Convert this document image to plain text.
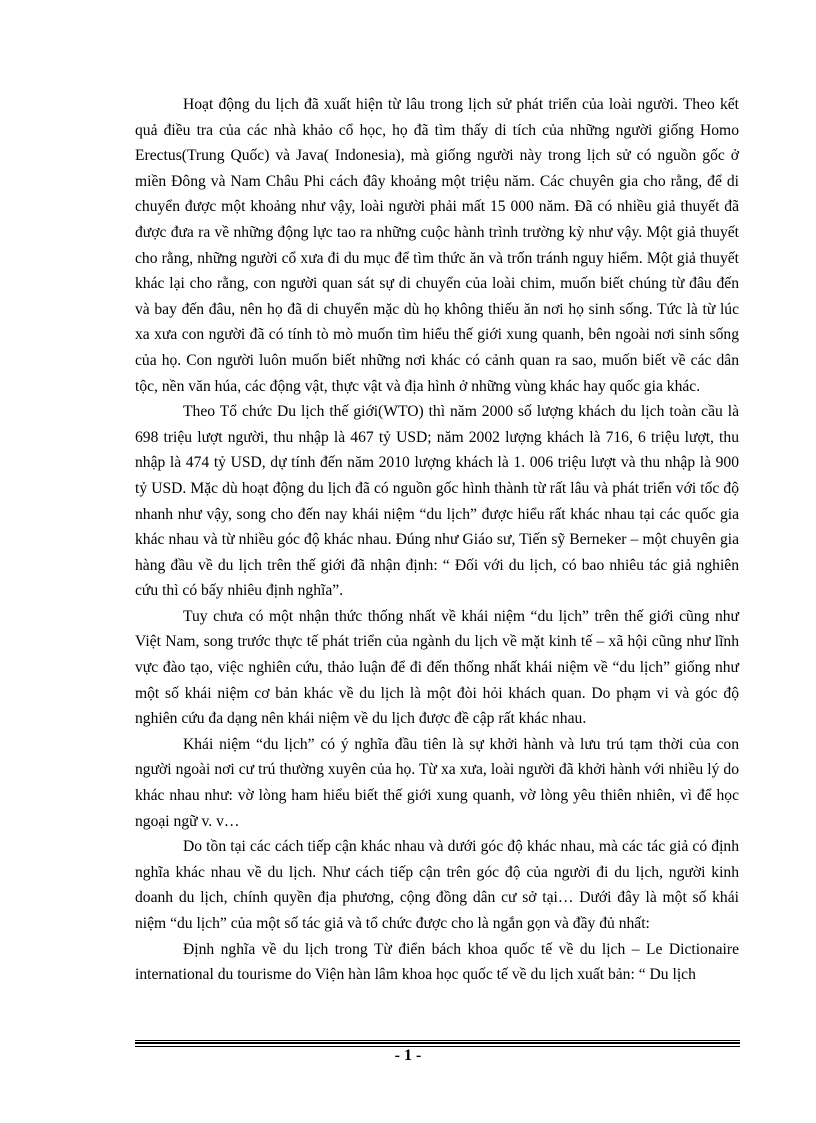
Hoạt động du lịch đã xuất hiện từ lâu trong lịch sử phát triển của loài người. Theo kết quả điều tra của các nhà khảo cổ học, họ đã tìm thấy di tích của những người giống Homo Erectus(Trung Quốc) và Java( Indonesia), mà giống người này trong lịch sử có nguồn gốc ở miền Đông và Nam Châu Phi cách đây khoảng một triệu năm. Các chuyên gia cho rằng, để di chuyển được một khoảng như vậy, loài người phải mất 15 000 năm. Đã có nhiều giả thuyết đã được đưa ra về những động lực tao ra những cuộc hành trình trường kỳ như vậy. Một giả thuyết cho rằng, những người cổ xưa đi du mục để tìm thức ăn và trốn tránh nguy hiểm. Một giả thuyết khác lại cho rằng, con người quan sát sự di chuyển của loài chim, muốn biết chúng từ đâu đến và bay đến đâu, nên họ đã di chuyển mặc dù họ không thiếu ăn nơi họ sinh sống. Tức là từ lúc xa xưa con người đã có tính tò mò muốn tìm hiểu thế giới xung quanh, bên ngoài nơi sinh sống của họ. Con người luôn muốn biết những nơi khác có cảnh quan ra sao, muốn biết về các dân tộc, nền văn húa, các động vật, thực vật và địa hình ở những vùng khác hay quốc gia khác.

Theo Tổ chức Du lịch thế giới(WTO) thì năm 2000 số lượng khách du lịch toàn cầu là 698 triệu lượt người, thu nhập là 467 tỷ USD; năm 2002 lượng khách là 716, 6 triệu lượt, thu nhập là 474 tỷ USD, dự tính đến năm 2010 lượng khách là 1. 006 triệu lượt và thu nhập là 900 tỷ USD. Mặc dù hoạt động du lịch đã có nguồn gốc hình thành từ rất lâu và phát triển với tốc độ nhanh như vậy, song cho đến nay khái niệm “du lịch” được hiểu rất khác nhau tại các quốc gia khác nhau và từ nhiều góc độ khác nhau. Đúng như Giáo sư, Tiến sỹ Berneker – một chuyên gia hàng đầu về du lịch trên thế giới đã nhận định: “ Đối với du lịch, có bao nhiêu tác giả nghiên cứu thì có bấy nhiêu định nghĩa”.

Tuy chưa có một nhận thức thống nhất về khái niệm “du lịch” trên thế giới cũng như Việt Nam, song trước thực tế phát triển của ngành du lịch về mặt kinh tế – xã hội cũng như lĩnh vực đào tạo, việc nghiên cứu, thảo luận để đi đến thống nhất khái niệm về “du lịch” giống như một số khái niệm cơ bản khác về du lịch là một đòi hỏi khách quan. Do phạm vi và góc độ nghiên cứu đa dạng nên khái niệm về du lịch được đề cập rất khác nhau.

Khái niệm “du lịch” có ý nghĩa đầu tiên là sự khởi hành và lưu trú tạm thời của con người ngoài nơi cư trú thường xuyên của họ. Từ xa xưa, loài người đã khởi hành với nhiều lý do khác nhau như: vờ lòng ham hiểu biết thế giới xung quanh, vờ lòng yêu thiên nhiên, vì để học ngoại ngữ v. v…

Do tồn tại các cách tiếp cận khác nhau và dưới góc độ khác nhau, mà các tác giả có định nghĩa khác nhau về du lịch. Như cách tiếp cận trên góc độ của người đi du lịch, người kinh doanh du lịch, chính quyền địa phương, cộng đồng dân cư sở tại… Dưới đây là một số khái niệm “du lịch” của một số tác giả và tổ chức được cho là ngắn gọn và đầy đủ nhất:

Định nghĩa về du lịch trong Từ điển bách khoa quốc tế về du lịch – Le Dictionaire international du tourisme do Viện hàn lâm khoa học quốc tế về du lịch xuất bản: “ Du lịch

- 1 -
